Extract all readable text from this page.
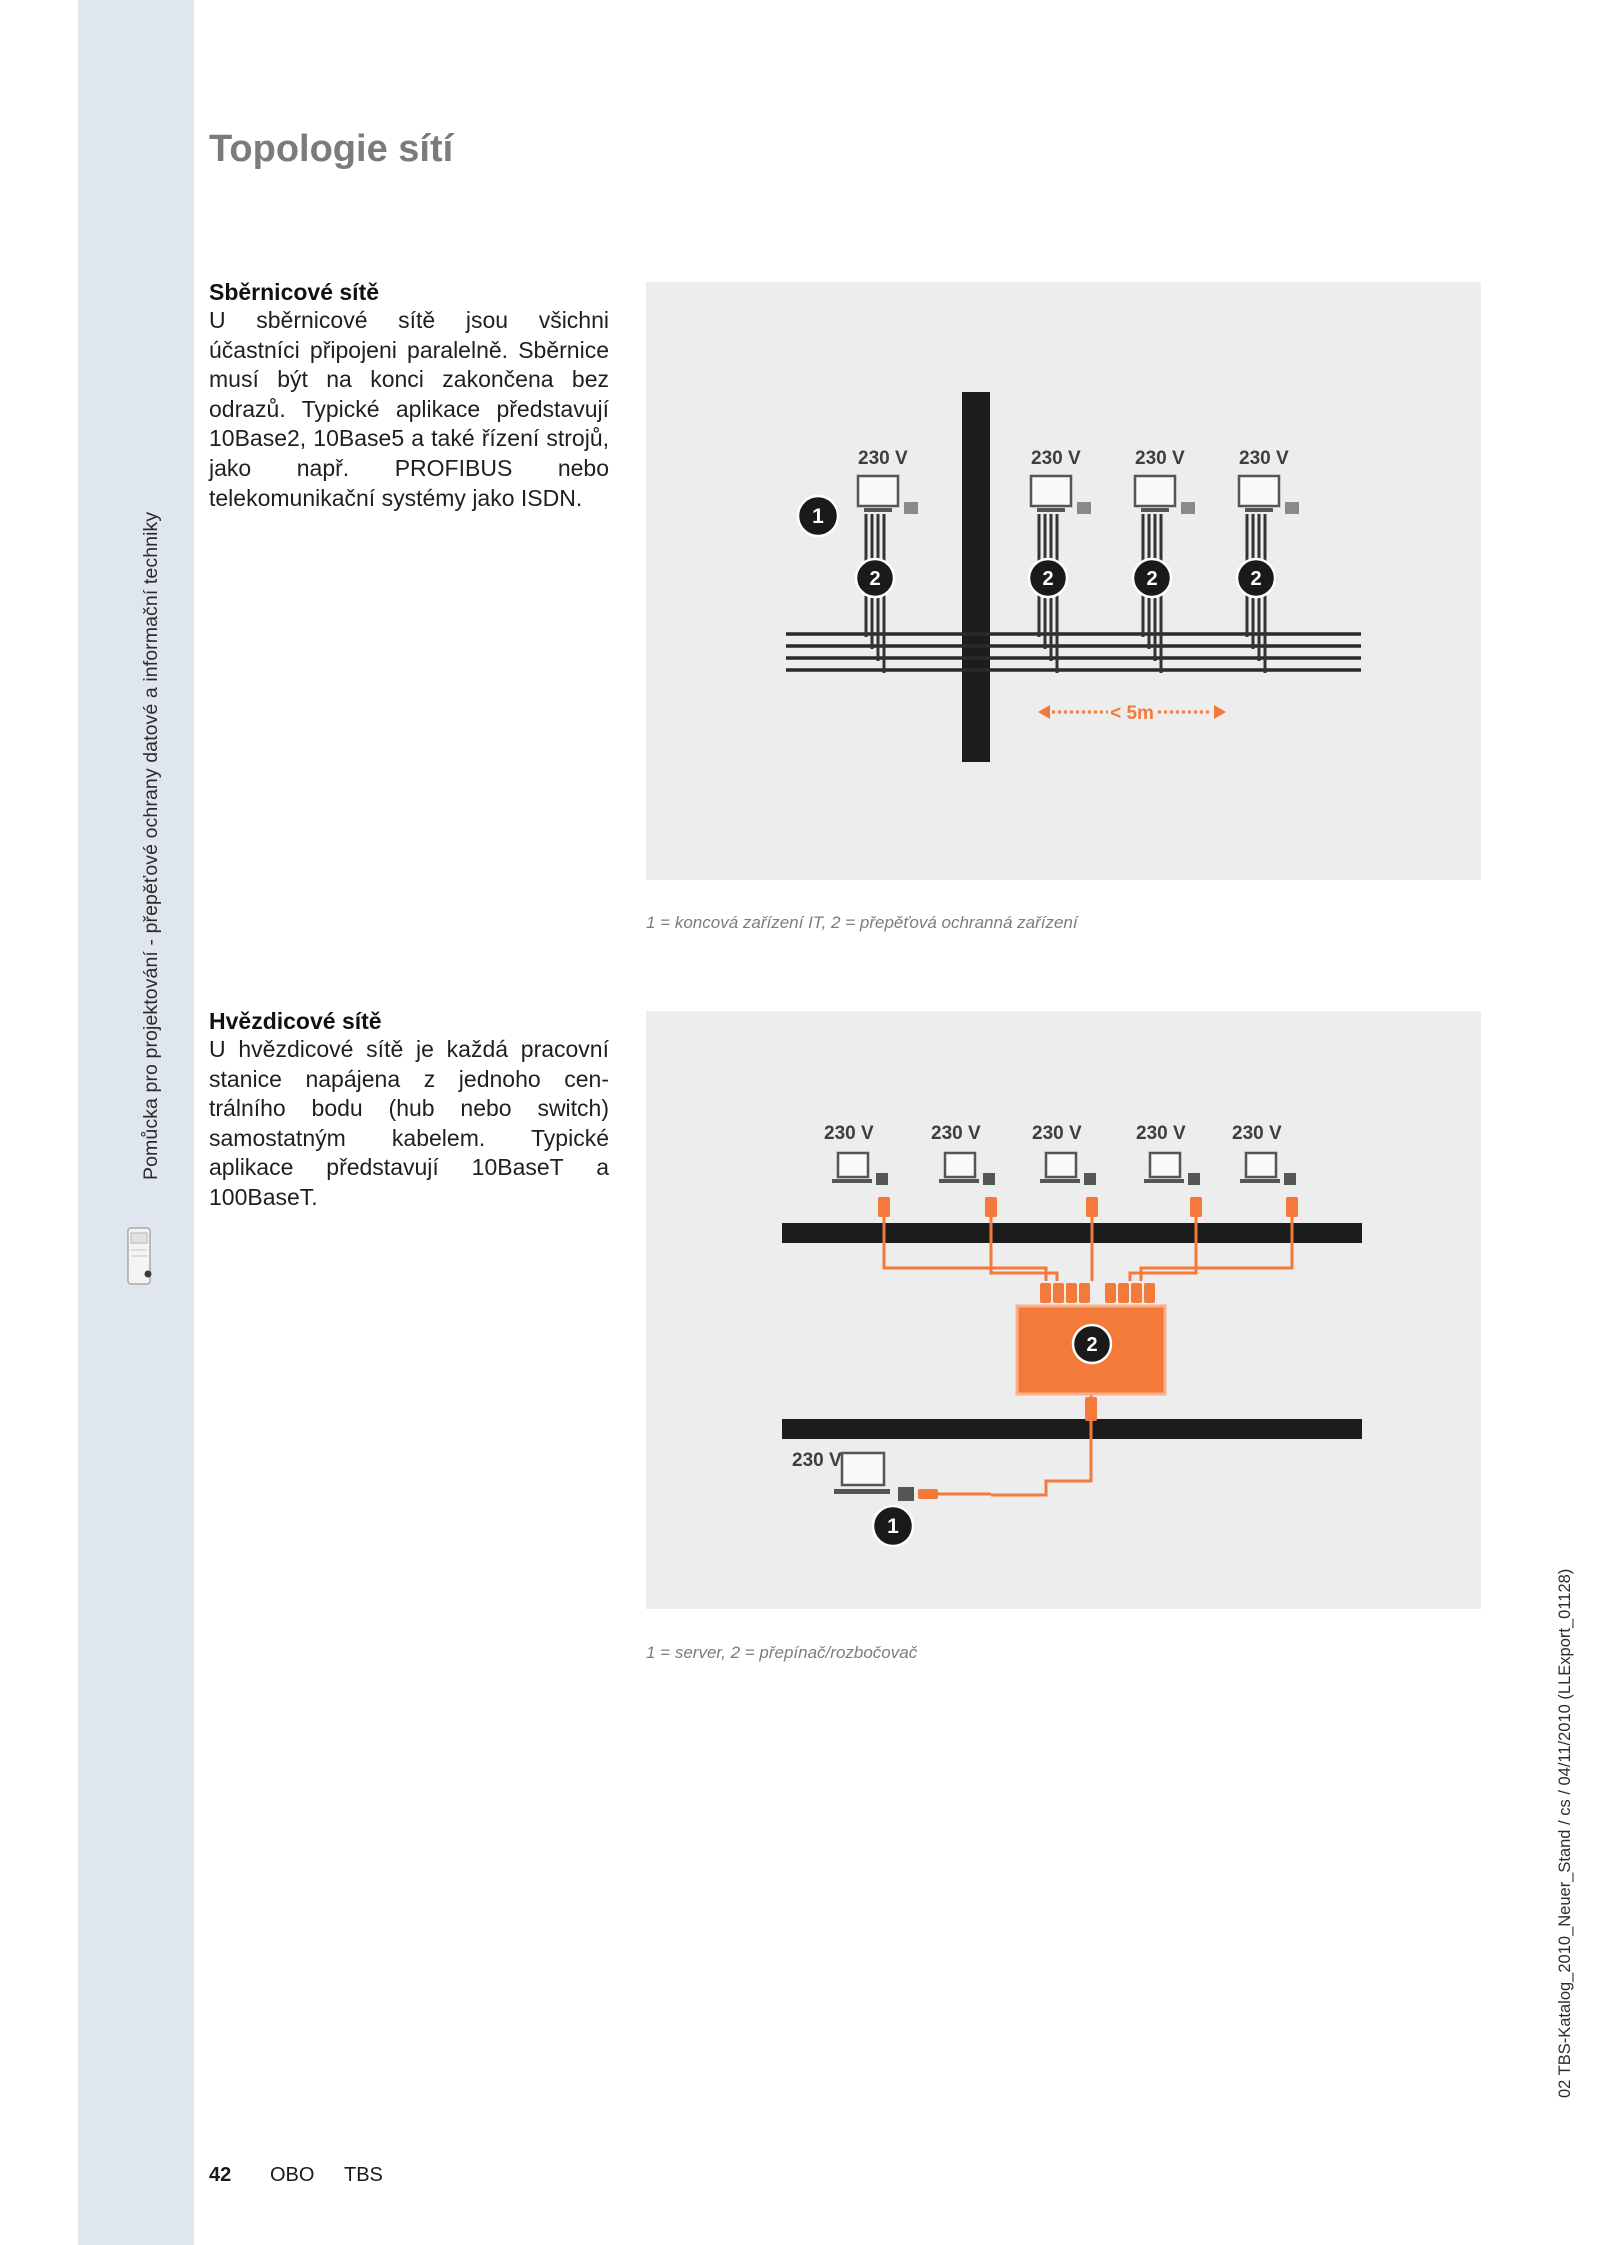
Pomůcka pro projektování - přepěťové ochrany datové a informační techniky
Topologie sítí
Sběrnicové sítě

U sběrnicové sítě jsou všichni účastníci připojeni paralelně. Sběrnice musí být na konci zakončena bez odrazů. Typické aplikace představují 10Base2, 10Base5 a také řízení strojů, jako např. PROFIBUS nebo telekomunikační systémy jako ISDN.

230 V
2
230 V
2
230 V
2
230 V
2
1
< 5m

1 = koncová zařízení IT, 2 = přepěťová ochranná zařízení

Hvězdicové sítě

U hvězdicové sítě je každá pracovní stanice napájena z jednoho centrálního bodu (hub nebo switch) samostatným kabelem. Typické aplikace představují 10BaseT a 100BaseT.

2
230 V	230 V	230 V	230 V 230 V
230 V
1

1 = server, 2 = přepínač/rozbočovač	02 TBS-Katalog_2010_Neuer_Stand / cs / 04/11/2010 (LLExport_01128)
42 OBO TBS
